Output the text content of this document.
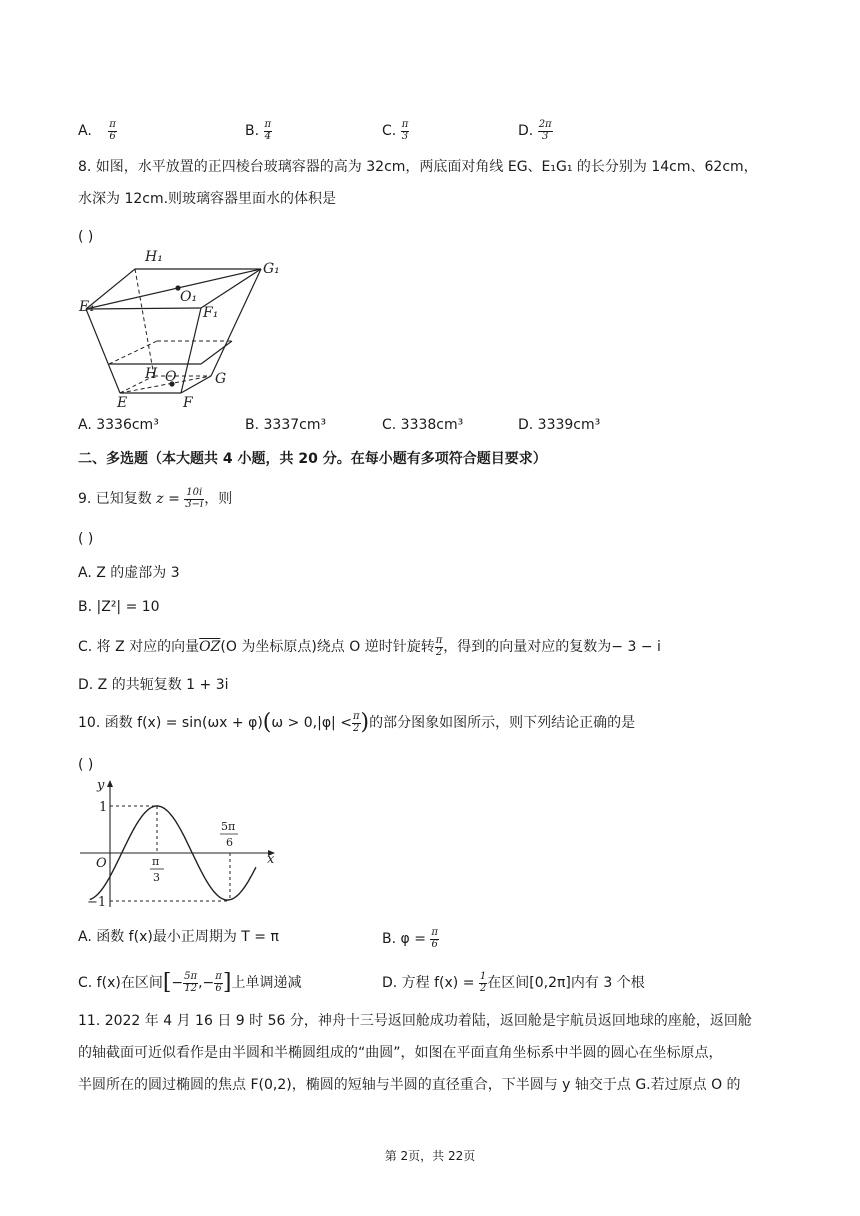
A. $\frac{\pi}{6}$	B. $\frac{\pi}{4}$	C. $\frac{\pi}{3}$	D. $\frac{2\pi}{3}$
8. 如图，水平放置的正四棱台玻璃容器的高为 32cm，两底面对角线 EG、E₁G₁ 的长分别为 14cm、62cm，
水深为 12cm.则玻璃容器里面水的体积是
( )
H₁
G₁
O₁
E₁	F₁
H O	G
E	F
A. 3336cm³	B. 3337cm³	C. 3338cm³	D. 3339cm³
二、多选题（本大题共 4 小题，共 20 分。在每小题有多项符合题目要求）
9. 已知复数 $z = \frac{10i}{3-i}$ ，则
( )
A. Z 的虚部为 3
B. |Z²| = 10
C. 将 Z 对应的向量$\overline{OZ}(O$ 为坐标原点)绕点 O 逆时针旋转 $\frac{\pi}{2}$ ，得到的向量对应的复数为− 3 − i
D. Z 的共轭复数 1 + 3i
10. 函数 $f(x) = \sin(\omega x + \varphi)(\omega > 0,|\varphi| < \frac{\pi}{2}$ )的部分图象如图所示，则下列结论正确的是
( )
y
x
1
−1
O	π
3
5π
6
A. 函数 f(x)最小正周期为 T = π	B. $\varphi = \frac{\pi}{6}$
C. f(x)在区间[− $\frac{5\pi}{12}$ ,− $\frac{\pi}{6}$ ]上单调递减	D. 方程 $f(x) = \frac{1}{2}$ 在区间[0,2π]内有 3 个根
11. 2022 年 4 月 16 日 9 时 56 分，神舟十三号返回舱成功着陆，返回舱是宇航员返回地球的座舱，返回舱
的轴截面可近似看作是由半圆和半椭圆组成的“曲圆”，如图在平面直角坐标系中半圆的圆心在坐标原点，
半圆所在的圆过椭圆的焦点 F(0,2)，椭圆的短轴与半圆的直径重合，下半圆与 y 轴交于点 G.若过原点 O 的
第 2页，共 22页
